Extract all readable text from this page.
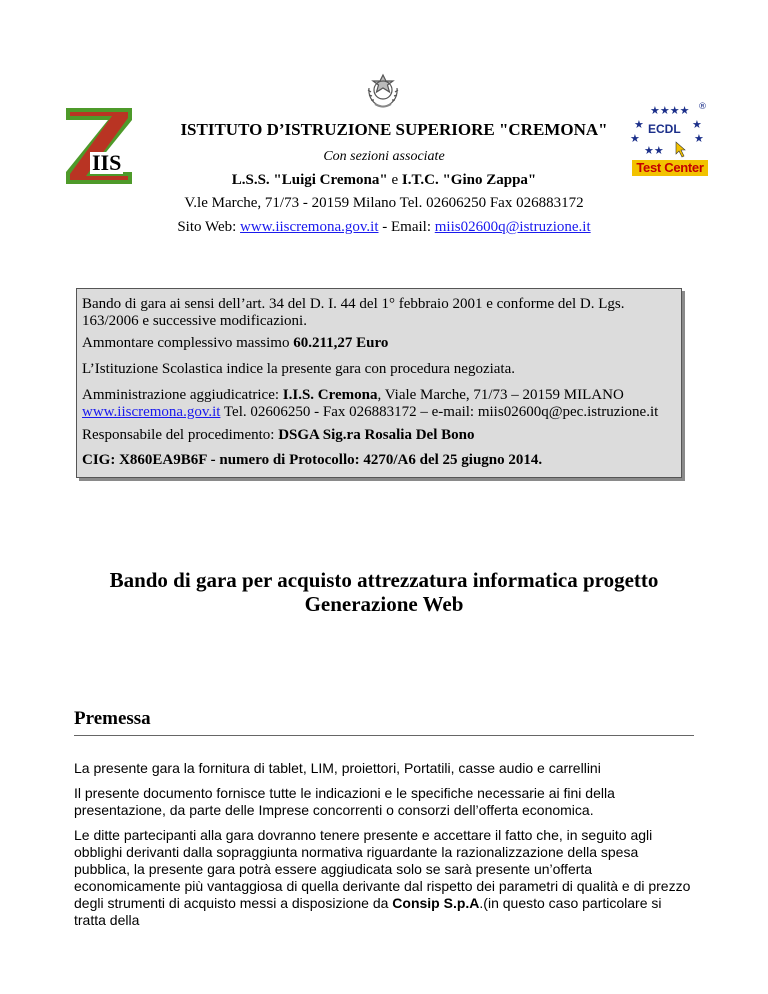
IIS
★★★★
★	★
★	★
★★
®
ECDL
Test Center
ISTITUTO D’ISTRUZIONE SUPERIORE "CREMONA"
Con sezioni associate
L.S.S. "Luigi Cremona" e I.T.C. "Gino Zappa"
V.le Marche, 71/73 - 20159 Milano Tel. 02606250 Fax 026883172
Sito Web: www.iiscremona.gov.it - Email: miis02600q@istruzione.it

Bando di gara ai sensi dell’art. 34 del D. I. 44 del 1° febbraio 2001 e conforme del D. Lgs. 163/2006 e successive modificazioni.

Ammontare complessivo massimo 60.211,27 Euro

L’Istituzione Scolastica indice la presente gara con procedura negoziata.

Amministrazione aggiudicatrice: I.I.S. Cremona, Viale Marche, 71/73 – 20159 MILANO
www.iiscremona.gov.it Tel. 02606250 - Fax 026883172 – e-mail: miis02600q@pec.istruzione.it

Responsabile del procedimento: DSGA Sig.ra Rosalia Del Bono

CIG: X860EA9B6F - numero di Protocollo: 4270/A6 del 25 giugno 2014.

Bando di gara per acquisto attrezzatura informatica progetto
Generazione Web
Premessa

La presente gara la fornitura di tablet, LIM, proiettori, Portatili, casse audio e carrellini

Il presente documento fornisce tutte le indicazioni e le specifiche necessarie ai fini della presentazione, da parte delle Imprese concorrenti o consorzi dell’offerta economica.

Le ditte partecipanti alla gara dovranno tenere presente e accettare il fatto che, in seguito agli obblighi derivanti dalla sopraggiunta normativa riguardante la razionalizzazione della spesa pubblica, la presente gara potrà essere aggiudicata solo se sarà presente un’offerta economicamente più vantaggiosa di quella derivante dal rispetto dei parametri di qualità e di prezzo degli strumenti di acquisto messi a disposizione da Consip S.p.A.(in questo caso particolare si tratta della
